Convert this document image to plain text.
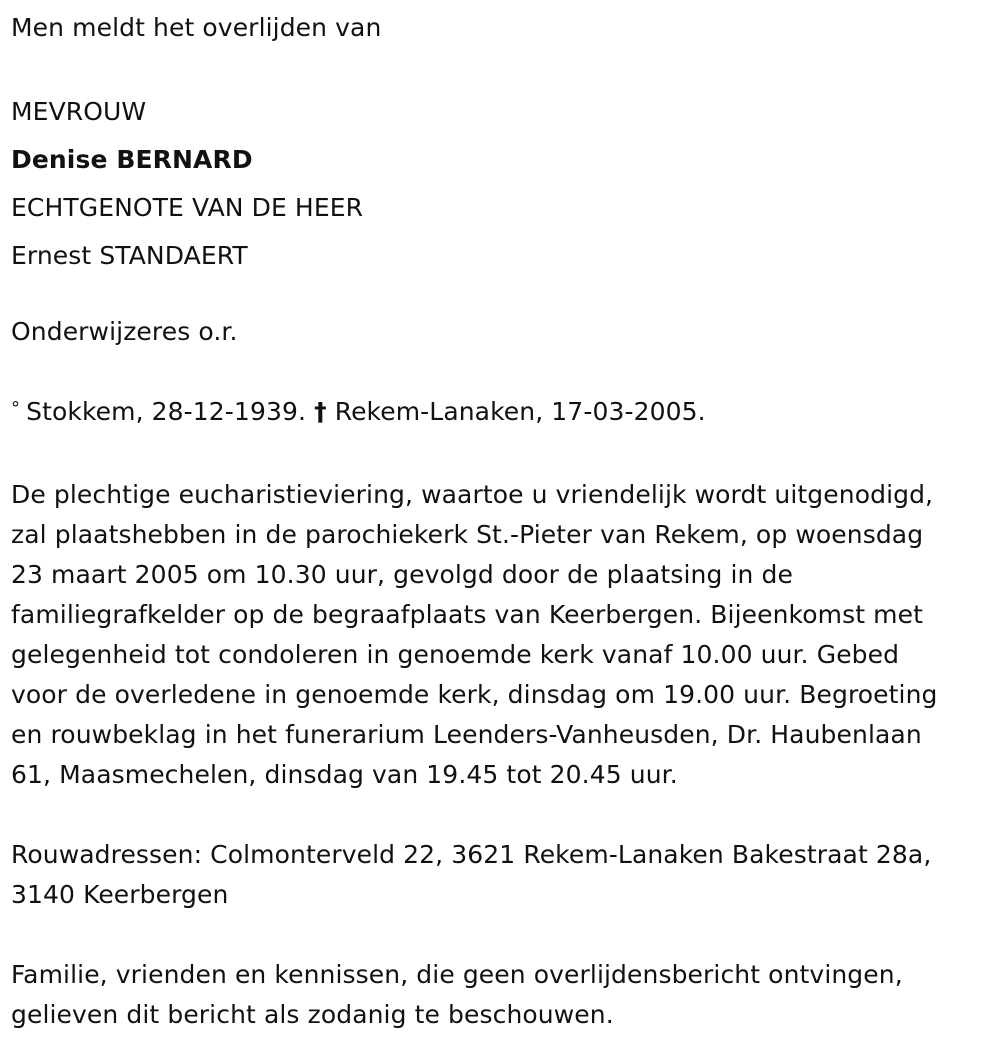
Men meldt het overlijden van

MEVROUW

Denise BERNARD

ECHTGENOTE VAN DE HEER

Ernest STANDAERT

Onderwijzeres o.r.

° Stokkem, 28-12-1939. † Rekem-Lanaken, 17-03-2005.

De plechtige eucharistieviering, waartoe u vriendelijk wordt uitgenodigd,

zal plaatshebben in de parochiekerk St.-Pieter van Rekem, op woensdag

23 maart 2005 om 10.30 uur, gevolgd door de plaatsing in de

familiegrafkelder op de begraafplaats van Keerbergen. Bijeenkomst met

gelegenheid tot condoleren in genoemde kerk vanaf 10.00 uur. Gebed

voor de overledene in genoemde kerk, dinsdag om 19.00 uur. Begroeting

en rouwbeklag in het funerarium Leenders-Vanheusden, Dr. Haubenlaan

61, Maasmechelen, dinsdag van 19.45 tot 20.45 uur.

Rouwadressen: Colmonterveld 22, 3621 Rekem-Lanaken Bakestraat 28a,

3140 Keerbergen

Familie, vrienden en kennissen, die geen overlijdensbericht ontvingen,

gelieven dit bericht als zodanig te beschouwen.
